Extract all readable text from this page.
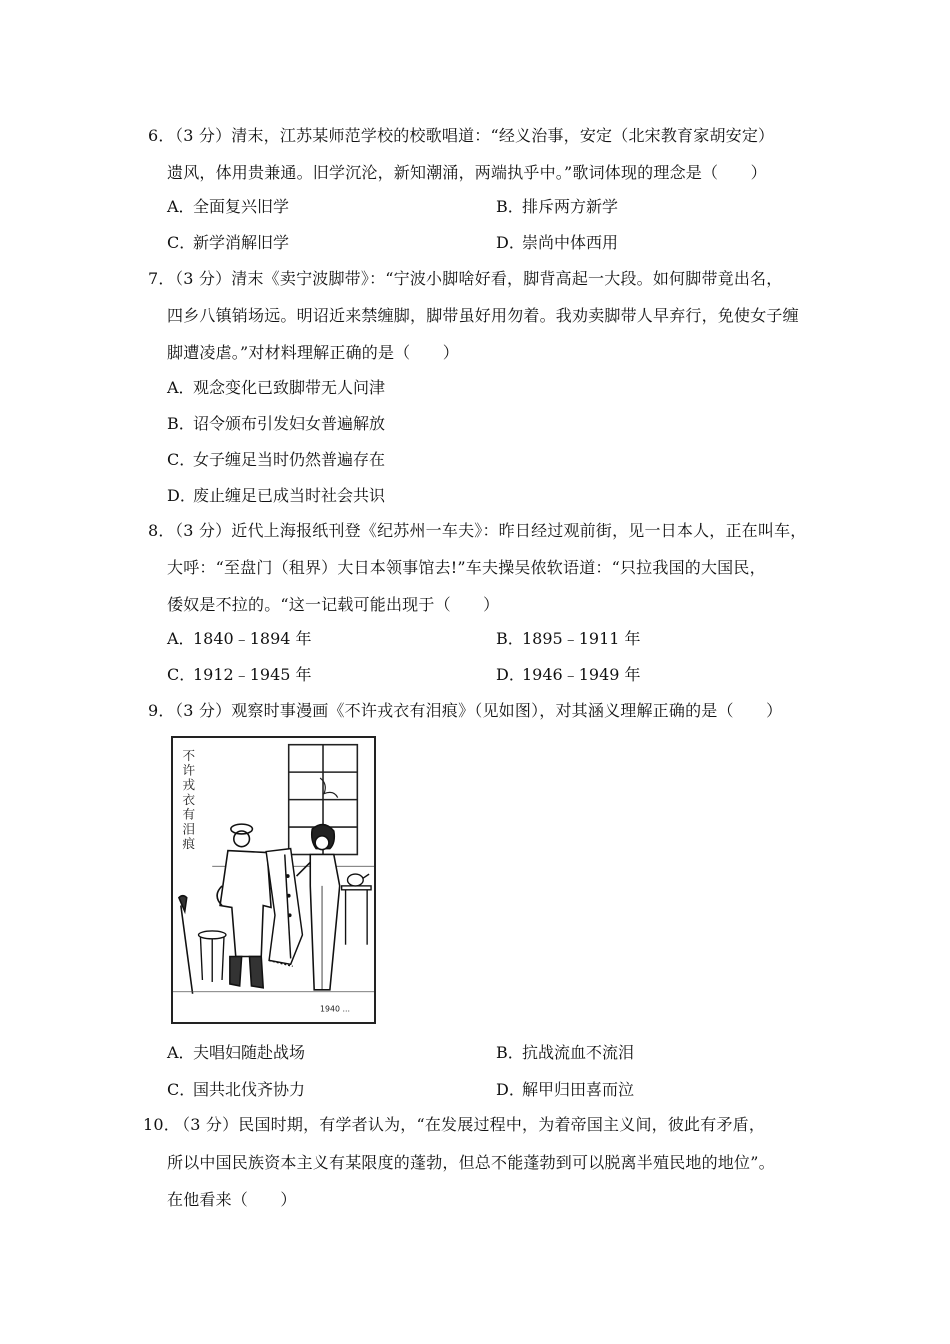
6．
（3 分）清末，江苏某师范学校的校歌唱道：“经义治事，安定（北宋教育家胡安定）
遗风，体用贵兼通。旧学沉沦，新知潮涌，两端执乎中。”歌词体现的理念是（　　）
A．全面复兴旧学	B．排斥两方新学
C．新学消解旧学	D．崇尚中体西用
7．
（3 分）清末《卖宁波脚带》：“宁波小脚啥好看，脚背高起一大段。如何脚带竟出名，
四乡八镇销场远。明诏近来禁缠脚，脚带虽好用勿着。我劝卖脚带人早弃行，免使女子缠
脚遭凌虐。”对材料理解正确的是（　　）
A．观念变化已致脚带无人问津
B．诏令颁布引发妇女普遍解放
C．女子缠足当时仍然普遍存在
D．废止缠足已成当时社会共识
8．
（3 分）近代上海报纸刊登《纪苏州一车夫》：昨日经过观前街，见一日本人，正在叫车，
大呼：“至盘门（租界）大日本领事馆去!”车夫操吴侬软语道：“只拉我国的大国民，
倭奴是不拉的。“这一记载可能出现于（　　）
A．1840﹣1894 年	B．1895﹣1911 年
C．1912﹣1945 年	D．1946﹣1949 年
9．
（3 分）观察时事漫画《不许戎衣有泪痕》（见如图），对其涵义理解正确的是（　　）
不许戎衣有泪痕
1940 ...
A．夫唱妇随赴战场	B．抗战流血不流泪
C．国共北伐齐协力	D．解甲归田喜而泣
10．
（3 分）民国时期，有学者认为，“在发展过程中，为着帝国主义间，彼此有矛盾，
所以中国民族资本主义有某限度的蓬勃，但总不能蓬勃到可以脱离半殖民地的地位”。
在他看来（　　）
